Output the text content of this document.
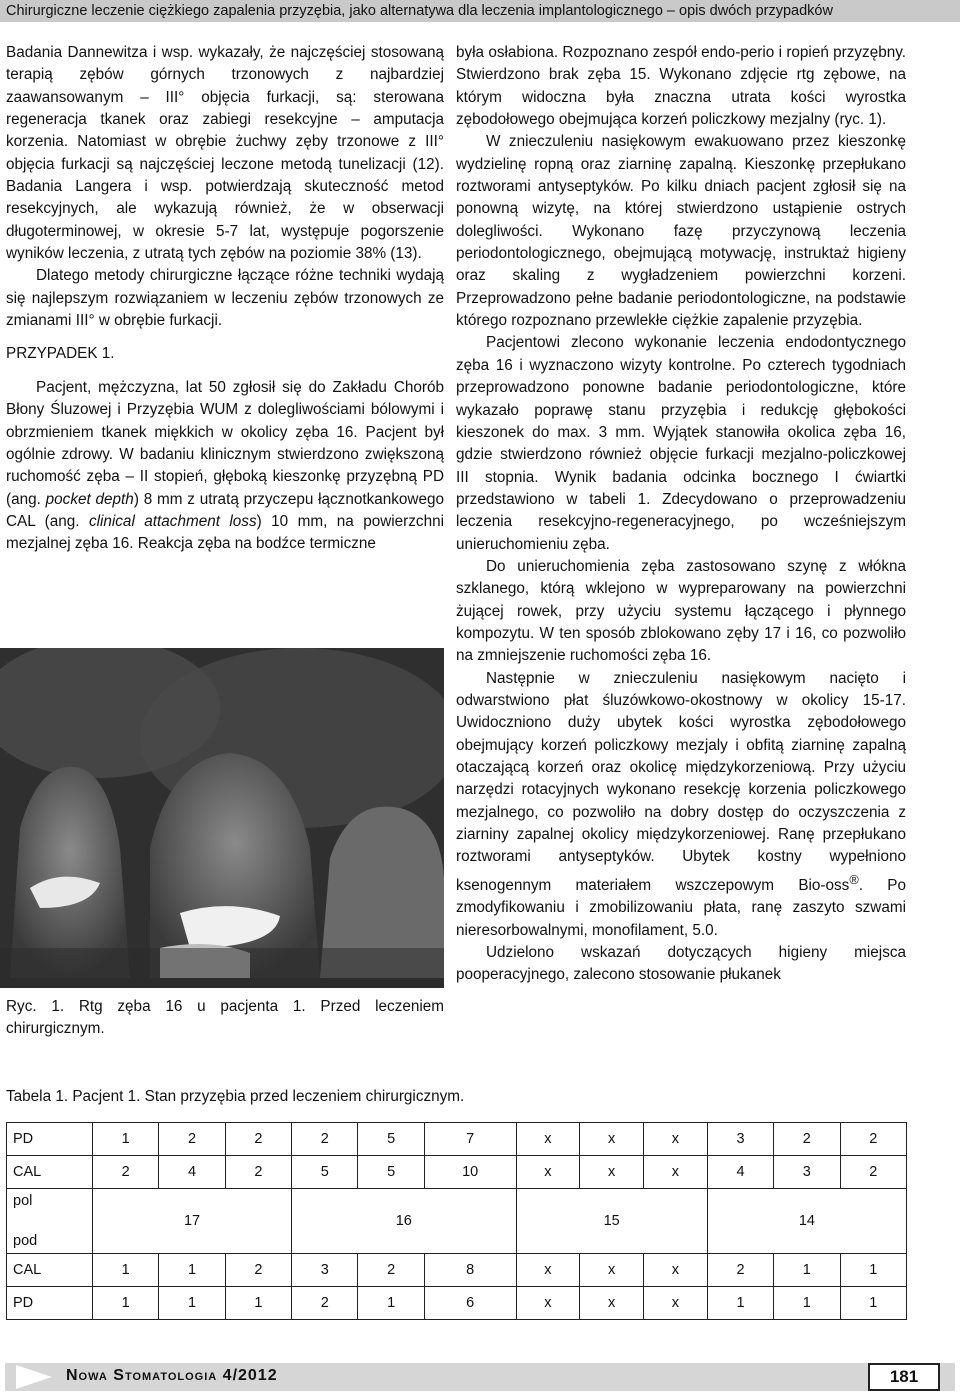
Chirurgiczne leczenie ciężkiego zapalenia przyzębia, jako alternatywa dla leczenia implantologicznego – opis dwóch przypadków

Badania Dannewitza i wsp. wykazały, że najczęściej stosowaną terapią zębów górnych trzonowych z najbardziej zaawansowanym – III° objęcia furkacji, są: sterowana regeneracja tkanek oraz zabiegi resekcyjne – amputacja korzenia. Natomiast w obrębie żuchwy zęby trzonowe z III° objęcia furkacji są najczęściej leczone metodą tunelizacji (12). Badania Langera i wsp. potwierdzają skuteczność metod resekcyjnych, ale wykazują również, że w obserwacji długoterminowej, w okresie 5-7 lat, występuje pogorszenie wyników leczenia, z utratą tych zębów na poziomie 38% (13).

Dlatego metody chirurgiczne łączące różne techniki wydają się najlepszym rozwiązaniem w leczeniu zębów trzonowych ze zmianami III° w obrębie furkacji.

PRZYPADEK 1.

Pacjent, mężczyzna, lat 50 zgłosił się do Zakładu Chorób Błony Śluzowej i Przyzębia WUM z dolegliwościami bólowymi i obrzmieniem tkanek miękkich w okolicy zęba 16. Pacjent był ogólnie zdrowy. W badaniu klinicznym stwierdzono zwiększoną ruchomość zęba – II stopień, głęboką kieszonkę przyzębną PD (ang. pocket depth) 8 mm z utratą przyczepu łącznotkankowego CAL (ang. clinical attachment loss) 10 mm, na powierzchni mezjalnej zęba 16. Reakcja zęba na bodźce termiczne

Ryc. 1. Rtg zęba 16 u pacjenta 1. Przed leczeniem chirurgicznym.

była osłabiona. Rozpoznano zespół endo-perio i ropień przyzębny. Stwierdzono brak zęba 15. Wykonano zdjęcie rtg zębowe, na którym widoczna była znaczna utrata kości wyrostka zębodołowego obejmująca korzeń policzkowy mezjalny (ryc. 1).

W znieczuleniu nasiękowym ewakuowano przez kieszonkę wydzielinę ropną oraz ziarninę zapalną. Kieszonkę przepłukano roztworami antyseptyków. Po kilku dniach pacjent zgłosił się na ponowną wizytę, na której stwierdzono ustąpienie ostrych dolegliwości. Wykonano fazę przyczynową leczenia periodontologicznego, obejmującą motywację, instruktaż higieny oraz skaling z wygładzeniem powierzchni korzeni. Przeprowadzono pełne badanie periodontologiczne, na podstawie którego rozpoznano przewlekłe ciężkie zapalenie przyzębia.

Pacjentowi zlecono wykonanie leczenia endodontycznego zęba 16 i wyznaczono wizyty kontrolne. Po czterech tygodniach przeprowadzono ponowne badanie periodontologiczne, które wykazało poprawę stanu przyzębia i redukcję głębokości kieszonek do max. 3 mm. Wyjątek stanowiła okolica zęba 16, gdzie stwierdzono również objęcie furkacji mezjalno-policzkowej III stopnia. Wynik badania odcinka bocznego I ćwiartki przedstawiono w tabeli 1. Zdecydowano o przeprowadzeniu leczenia resekcyjno-regeneracyjnego, po wcześniejszym unieruchomieniu zęba.

Do unieruchomienia zęba zastosowano szynę z włókna szklanego, którą wklejono w wypreparowany na powierzchni żującej rowek, przy użyciu systemu łączącego i płynnego kompozytu. W ten sposób zblokowano zęby 17 i 16, co pozwoliło na zmniejszenie ruchomości zęba 16.

Następnie w znieczuleniu nasiękowym nacięto i odwarstwiono płat śluzówkowo-okostnowy w okolicy 15-17. Uwidoczniono duży ubytek kości wyrostka zębodołowego obejmujący korzeń policzkowy mezjaly i obfitą ziarninę zapalną otaczającą korzeń oraz okolicę międzykorzeniową. Przy użyciu narzędzi rotacyjnych wykonano resekcję korzenia policzkowego mezjalnego, co pozwoliło na dobry dostęp do oczyszczenia z ziarniny zapalnej okolicy międzykorzeniowej. Ranę przepłukano roztworami antyseptyków. Ubytek kostny wypełniono ksenogennym materiałem wszczepowym Bio-oss®. Po zmodyfikowaniu i zmobilizowaniu płata, ranę zaszyto szwami nieresorbowalnymi, monofilament, 5.0.

Udzielono wskazań dotyczących higieny miejsca pooperacyjnego, zalecono stosowanie płukanek

Tabela 1. Pacjent 1. Stan przyzębia przed leczeniem chirurgicznym.
PD	1	2	2	2	5	7	x	x	x	3	2	2
CAL	2	4	2	5	5	10	x	x	x	4	3	2

pol
pod	17			16			15			14		
CAL	1	1	2	3	2	8	x	x	x	2	1	1
PD	1	1	1	2	1	6	x	x	x	1	1	1
Nowa Stomatologia 4/2012	181
